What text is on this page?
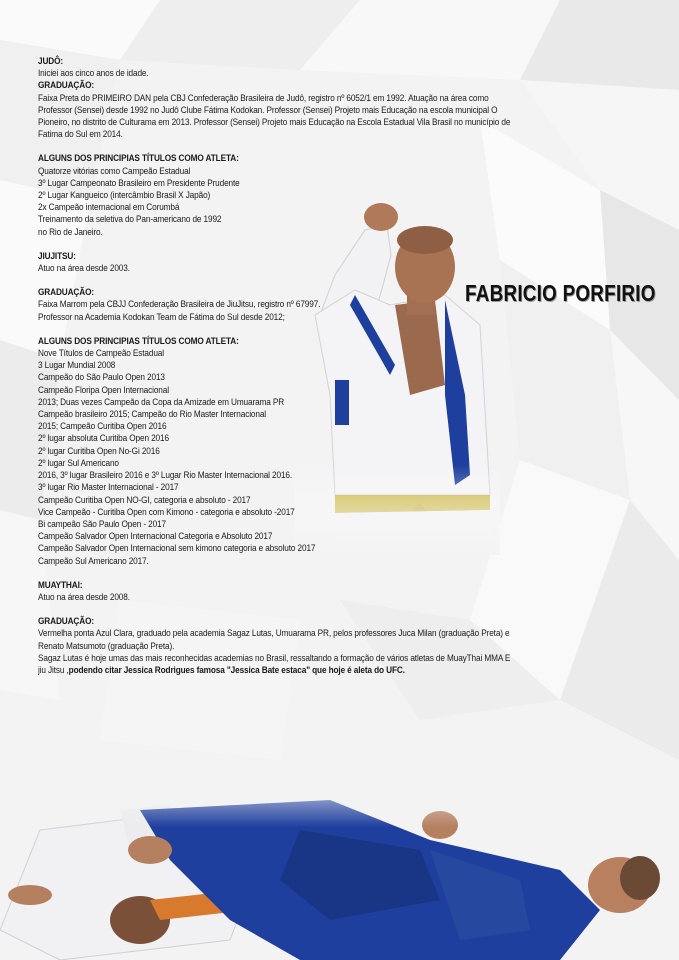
FABRICIO PORFIRIO
JUDÔ:
Iniciei aos cinco anos de idade.
GRADUAÇÃO:
Faixa Preta do PRIMEIRO DAN pela CBJ Confederação Brasileira de Judô, registro nº 6052/1 em 1992. Atuação na área como Professor (Sensei) desde 1992 no Judô Clube Fátima Kodokan. Professor (Sensei) Projeto mais Educação na escola municipal O Pioneiro, no distrito de Culturama em 2013. Professor (Sensei) Projeto mais Educação na Escola Estadual Vila Brasil no município de Fatima do Sul em 2014.
ALGUNS DOS PRINCIPIAS TÍTULOS COMO ATLETA:
Quatorze vitórias como Campeão Estadual
3º Lugar Campeonato Brasileiro em Presidente Prudente
2º Lugar Kangueico (intercâmbio Brasil X Japão)
2x Campeão internacional em Corumbá
Treinamento da seletiva do Pan-americano de 1992
no Rio de Janeiro.
JIUJITSU:
Atuo na área desde 2003.
GRADUAÇÃO:
Faixa Marrom pela CBJJ Confederação Brasileira de JiuJitsu, registro nº 67997.
Professor na Academia Kodokan Team de Fátima do Sul desde 2012;
ALGUNS DOS PRINCIPIAS TÍTULOS COMO ATLETA:
Nove Títulos de Campeão Estadual
3 Lugar Mundial 2008
Campeão do São Paulo Open 2013
Campeão Floripa Open Internacional
2013; Duas vezes Campeão da Copa da Amizade em Umuarama PR
Campeão brasileiro 2015; Campeão do Rio Master Internacional
2015; Campeão Curitiba Open 2016
2º lugar absoluta Curitiba Open 2016
2º lugar Curitiba Open No-Gi 2016
2º lugar Sul Americano
2016, 3º lugar Brasileiro 2016 e 3º Lugar Rio Master Internacional 2016.
3º lugar Rio Master Internacional - 2017
Campeão Curitiba Open NO-GI, categoria e absoluto - 2017
Vice Campeão - Curitiba Open com Kimono - categoria e absoluto -2017
Bi campeão São Paulo Open - 2017
Campeão Salvador Open Internacional Categoria e Absoluto 2017
Campeão Salvador Open Internacional sem kimono categoria e absoluto 2017
Campeão Sul Americano 2017.
MUAYTHAI:
Atuo na área desde 2008.
GRADUAÇÃO:
Vermelha ponta Azul Clara, graduado pela academia Sagaz Lutas, Umuarama PR, pelos professores Juca Milan (graduação Preta) e Renato Matsumoto (graduação Preta).
Sagaz Lutas é hoje umas das mais reconhecidas academias no Brasil, ressaltando a formação de vários atletas de MuayThai MMA E jiu Jitsu ,podendo citar Jessica Rodrigues famosa "Jessica Bate estaca" que hoje é aleta do UFC.
